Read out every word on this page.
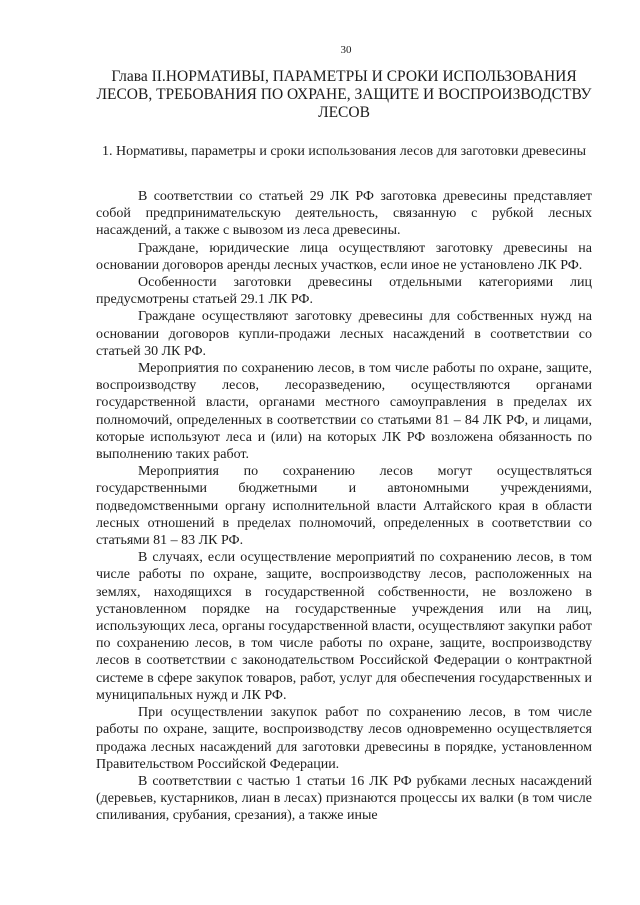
30
Глава II.НОРМАТИВЫ, ПАРАМЕТРЫ И СРОКИ ИСПОЛЬЗОВАНИЯ ЛЕСОВ, ТРЕБОВАНИЯ ПО ОХРАНЕ, ЗАЩИТЕ И ВОСПРОИЗВОДСТВУ ЛЕСОВ
1. Нормативы, параметры и сроки использования лесов для заготовки древесины

В соответствии со статьей 29 ЛК РФ заготовка древесины представляет собой предпринимательскую деятельность, связанную с рубкой лесных насаждений, а также с вывозом из леса древесины.

Граждане, юридические лица осуществляют заготовку древесины на основании договоров аренды лесных участков, если иное не установлено ЛК РФ.

Особенности заготовки древесины отдельными категориями лиц предусмотрены статьей 29.1 ЛК РФ.

Граждане осуществляют заготовку древесины для собственных нужд на основании договоров купли-продажи лесных насаждений в соответствии со статьей 30 ЛК РФ.

Мероприятия по сохранению лесов, в том числе работы по охране, защите, воспроизводству лесов, лесоразведению, осуществляются органами государственной власти, органами местного самоуправления в пределах их полномочий, определенных в соответствии со статьями 81 – 84 ЛК РФ, и лицами, которые используют леса и (или) на которых ЛК РФ возложена обязанность по выполнению таких работ.

Мероприятия по сохранению лесов могут осуществляться государственными бюджетными и автономными учреждениями, подведомственными органу исполнительной власти Алтайского края в области лесных отношений в пределах полномочий, определенных в соответствии со статьями 81 – 83 ЛК РФ.

В случаях, если осуществление мероприятий по сохранению лесов, в том числе работы по охране, защите, воспроизводству лесов, расположенных на землях, находящихся в государственной собственности, не возложено в установленном порядке на государственные учреждения или на лиц, использующих леса, органы государственной власти, осуществляют закупки работ по сохранению лесов, в том числе работы по охране, защите, воспроизводству лесов в соответствии с законодательством Российской Федерации о контрактной системе в сфере закупок товаров, работ, услуг для обеспечения государственных и муниципальных нужд и ЛК РФ.

При осуществлении закупок работ по сохранению лесов, в том числе работы по охране, защите, воспроизводству лесов одновременно осуществляется продажа лесных насаждений для заготовки древесины в порядке, установленном Правительством Российской Федерации.

В соответствии с частью 1 статьи 16 ЛК РФ рубками лесных насаждений (деревьев, кустарников, лиан в лесах) признаются процессы их валки (в том числе спиливания, срубания, срезания), а также иные
